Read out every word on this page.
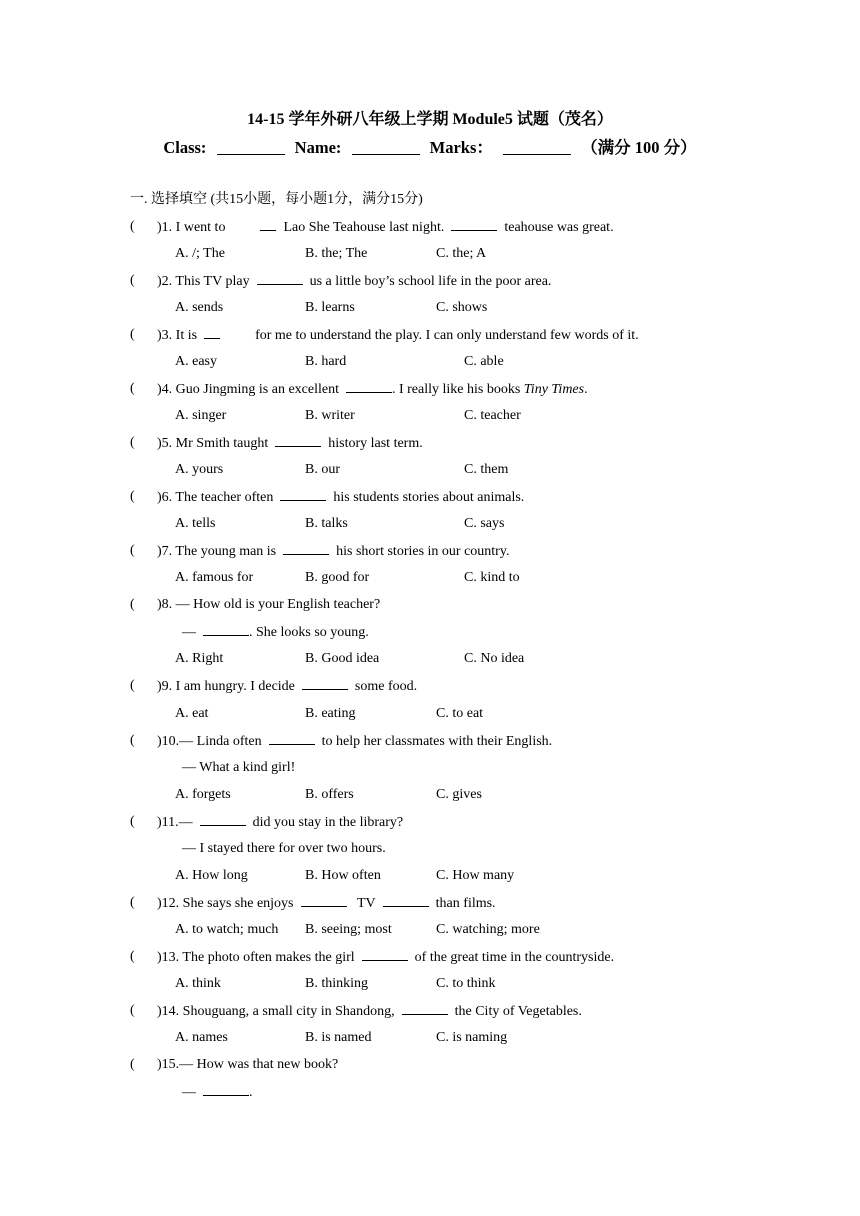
14-15 学年外研八年级上学期 Module5 试题（茂名）
Class:	Name:	Marks：	（满分 100 分）
一. 选择填空 (共15小题，每小题1分，满分15分)
( )1. I went to	Lao She Teahouse last night.	teahouse was great.
A. /; The	B. the; The	C. the; A
( )2. This TV play	us a little boy’s school life in the poor area.
A. sends	B. learns	C. shows
( )3. It is	for me to understand the play. I can only understand few words of it.
A. easy	B. hard	C. able
( )4. Guo Jingming is an excellent	. I really like his books Tiny Times.
A. singer	B. writer	C. teacher
( )5. Mr Smith taught	history last term.
A. yours	B. our	C. them
( )6. The teacher often	his students stories about animals.
A. tells	B. talks	C. says
( )7. The young man is	his short stories in our country.
A. famous for	B. good for	C. kind to
( )8. — How old is your English teacher?
—	. She looks so young.
A. Right	B. Good idea	C. No idea
( )9. I am hungry. I decide	some food.
A. eat	B. eating	C. to eat
( )10.— Linda often	to help her classmates with their English.
— What a kind girl!
A. forgets	B. offers	C. gives
( )11.—	did you stay in the library?
— I stayed there for over two hours.
A. How long	B. How often	C. How many
( )12. She says she enjoys	TV	than films.
A. to watch; much B. seeing; most	C. watching; more
( )13. The photo often makes the girl	of the great time in the countryside.
A. think	B. thinking	C. to think
( )14. Shouguang, a small city in Shandong,	the City of Vegetables.
A. names	B. is named	C. is naming
( )15.— How was that new book?
—	.
